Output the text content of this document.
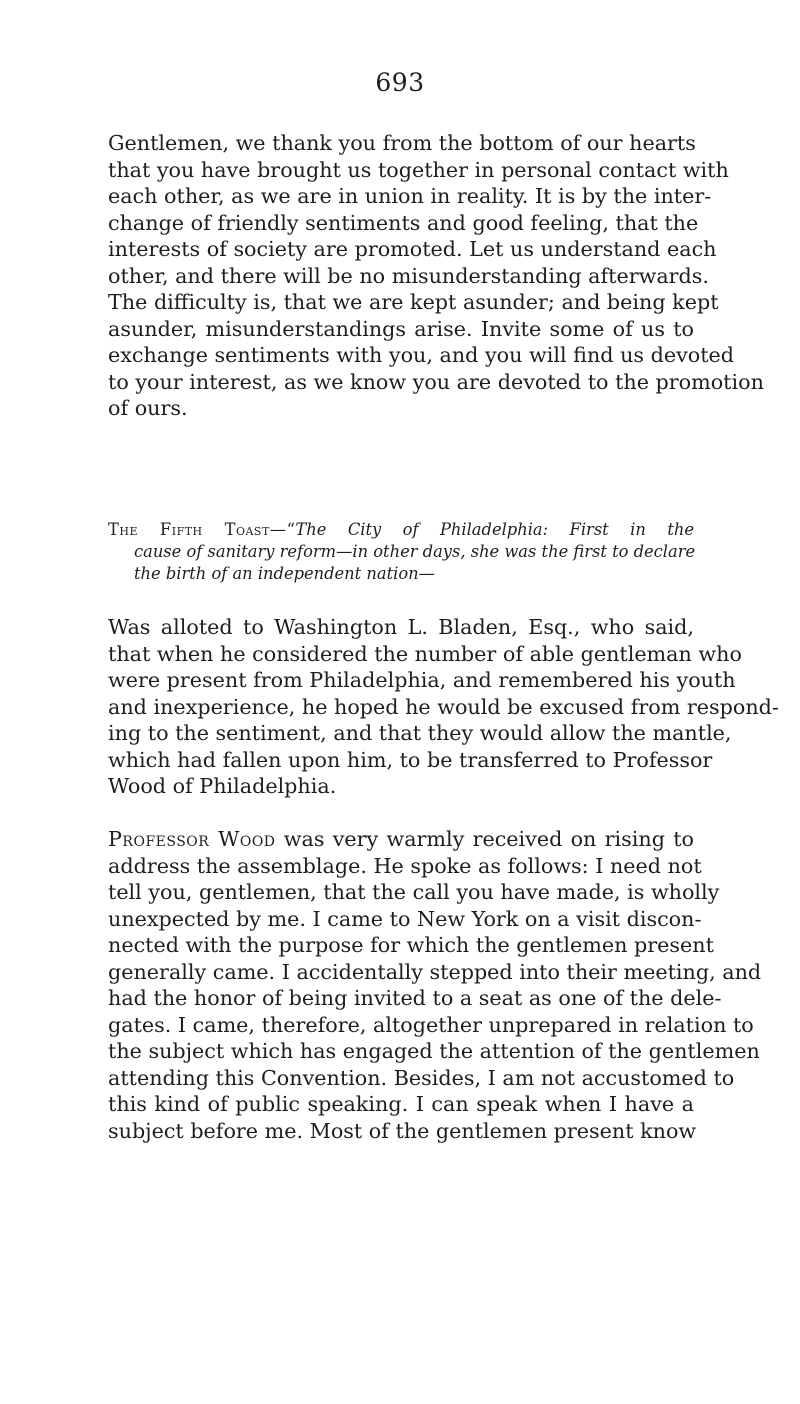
693
Gentlemen, we thank you from the bottom of our hearts
that you have brought us together in personal contact with
each other, as we are in union in reality. It is by the inter-
change of friendly sentiments and good feeling, that the
interests of society are promoted. Let us understand each
other, and there will be no misunderstanding afterwards.
The difficulty is, that we are kept asunder; and being kept
asunder, misunderstandings arise. Invite some of us to
exchange sentiments with you, and you will find us devoted
to your interest, as we know you are devoted to the promotion
of ours.
The Fifth Toast—“The City of Philadelphia: First in the
cause of sanitary reform—in other days, she was the first to declare
the birth of an independent nation—
Was alloted to Washington L. Bladen, Esq., who said,
that when he considered the number of able gentleman who
were present from Philadelphia, and remembered his youth
and inexperience, he hoped he would be excused from respond-
ing to the sentiment, and that they would allow the mantle,
which had fallen upon him, to be transferred to Professor
Wood of Philadelphia.
Professor Wood was very warmly received on rising to
address the assemblage. He spoke as follows: I need not
tell you, gentlemen, that the call you have made, is wholly
unexpected by me. I came to New York on a visit discon-
nected with the purpose for which the gentlemen present
generally came. I accidentally stepped into their meeting, and
had the honor of being invited to a seat as one of the dele-
gates. I came, therefore, altogether unprepared in relation to
the subject which has engaged the attention of the gentlemen
attending this Convention. Besides, I am not accustomed to
this kind of public speaking. I can speak when I have a
subject before me. Most of the gentlemen present know
